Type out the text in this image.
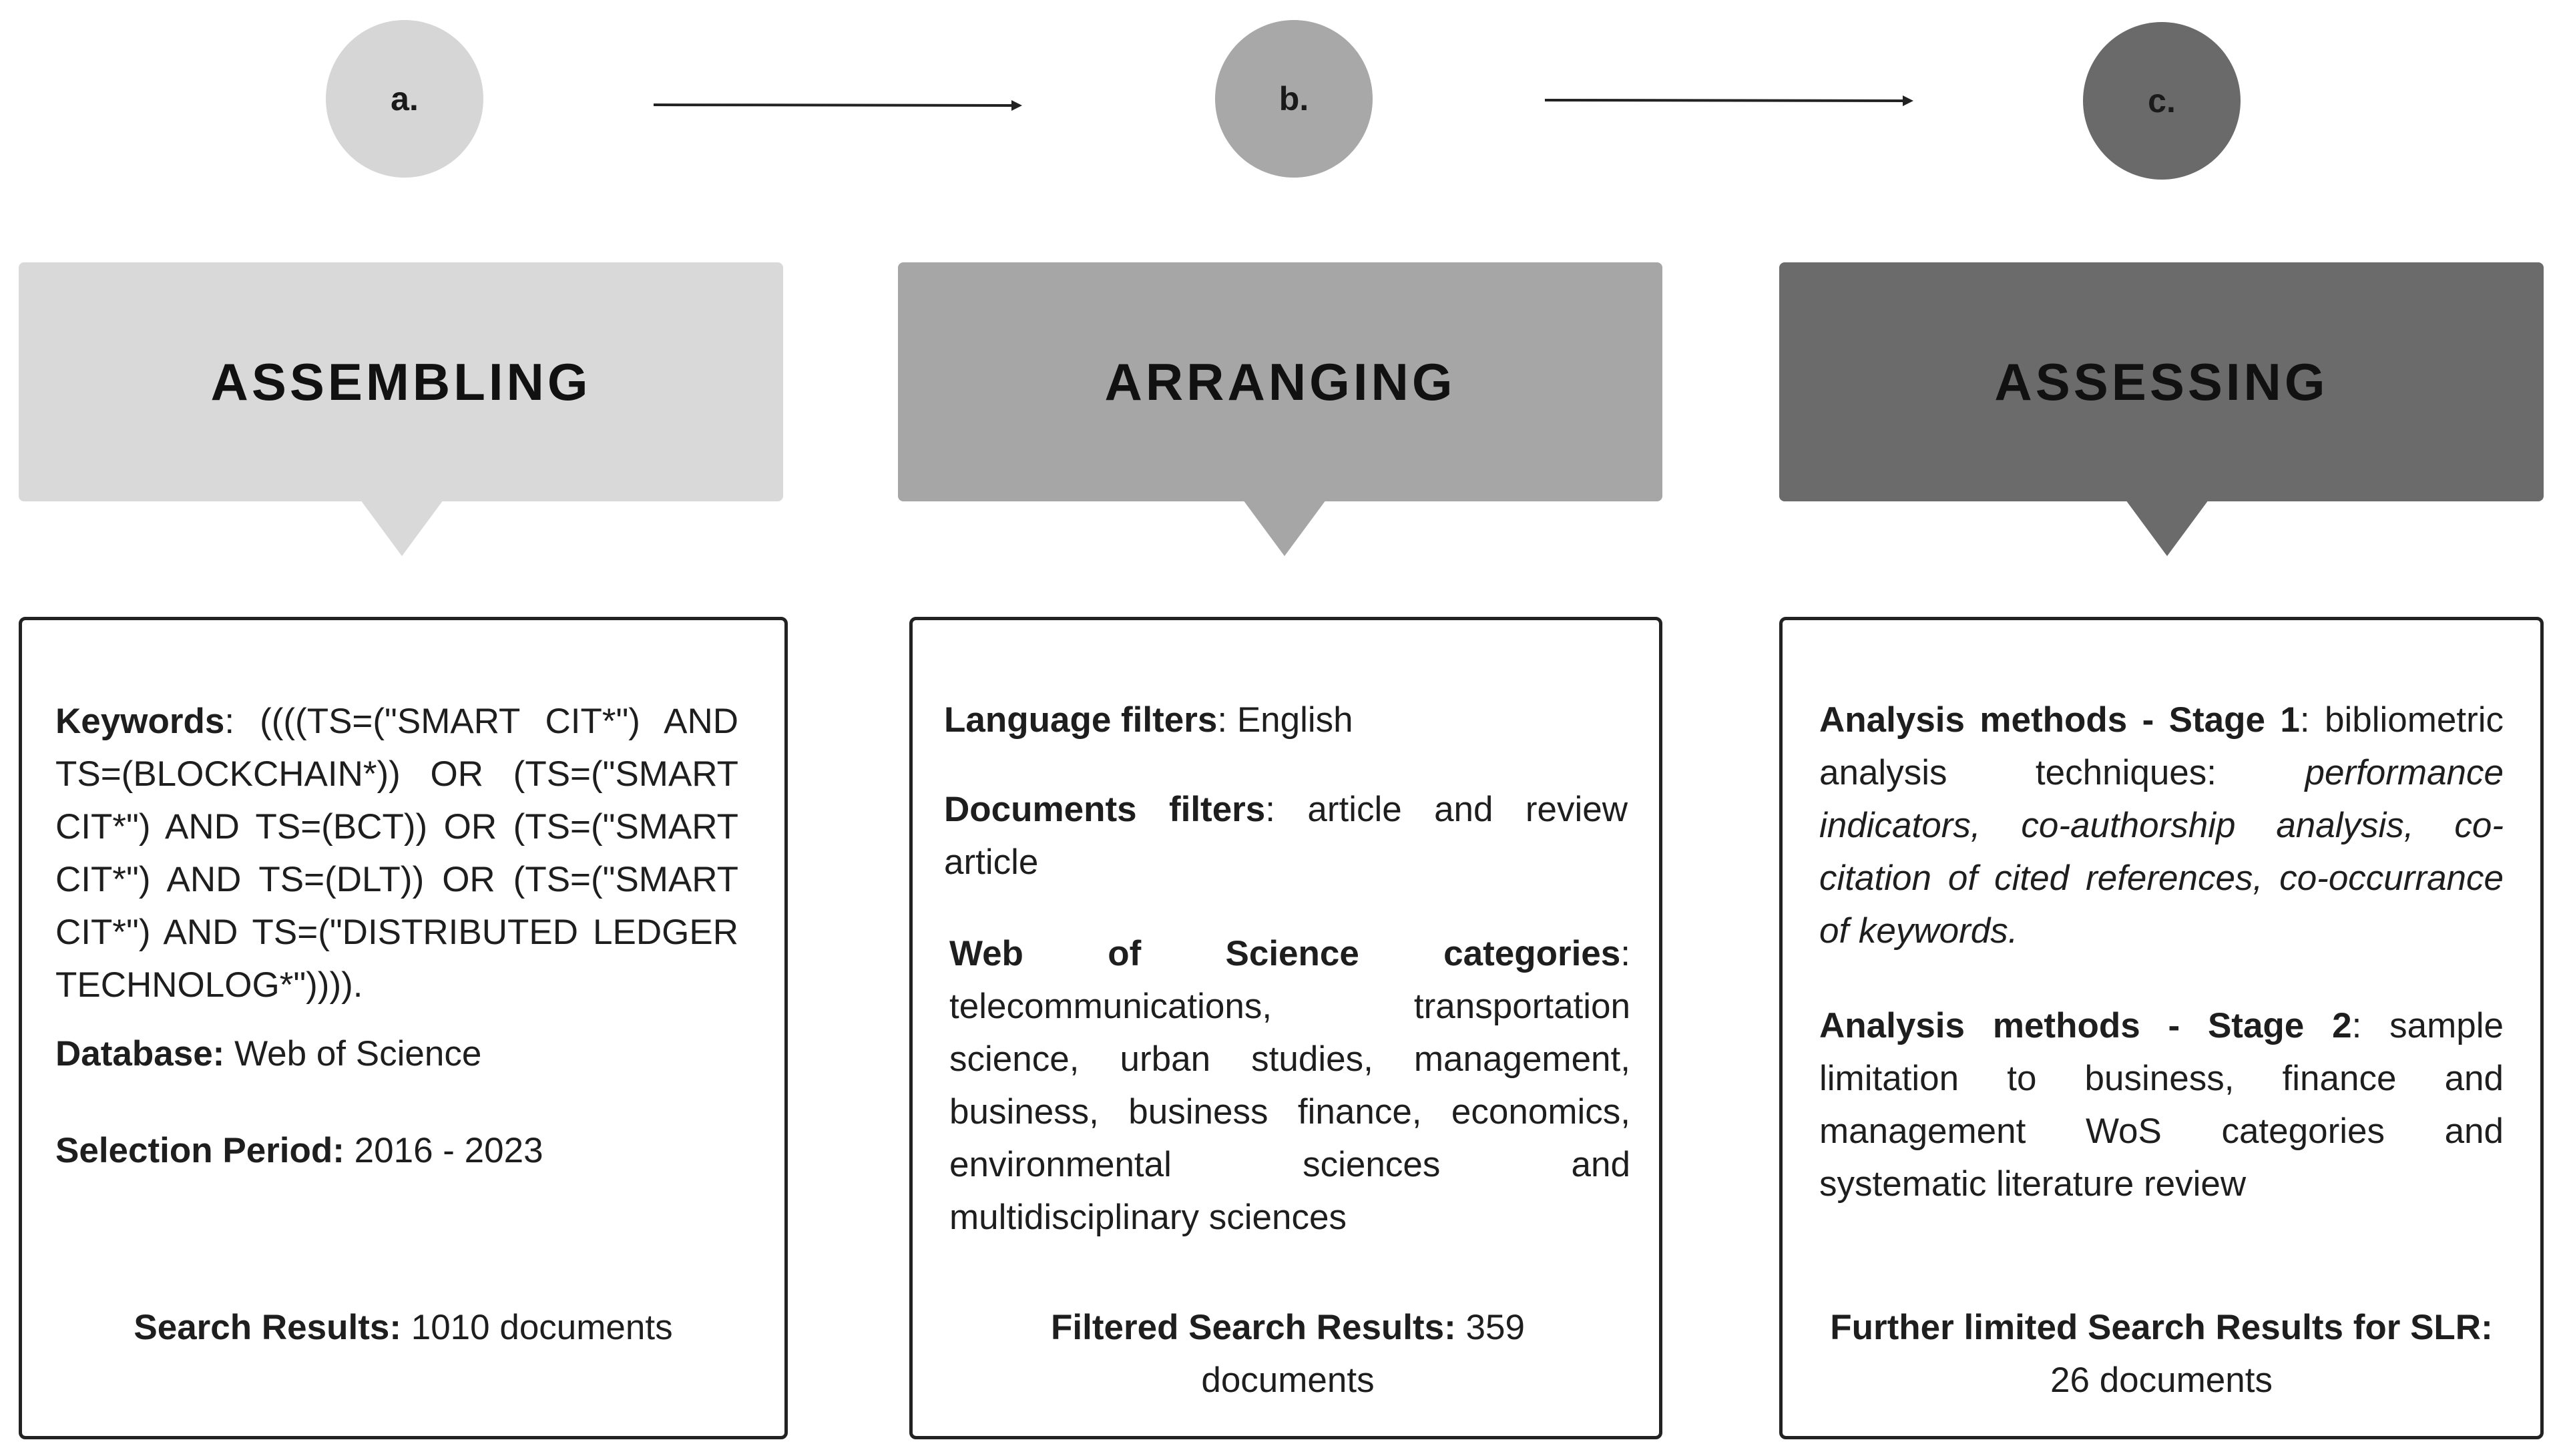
a.	b.	c.
ASSEMBLING	ARRANGING	ASSESSING
Keywords: ((((TS=("SMART CIT*") AND TS=(BLOCKCHAIN*)) OR (TS=("SMART CIT*") AND TS=(BCT)) OR (TS=("SMART CIT*") AND TS=(DLT)) OR (TS=("SMART CIT*") AND TS=("DISTRIBUTED LEDGER TECHNOLOG*")))).
Database: Web of Science
Selection Period: 2016 - 2023
Search Results: 1010 documents
Language filters: English
Documents filters: article and review article
Web of Science categories: telecommunications, transportation science, urban studies, management, business, business finance, economics, environmental sciences and multidisciplinary sciences
Filtered Search Results: 359 documents
Analysis methods - Stage 1: bibliometric analysis techniques: performance indicators, co-authorship analysis, co-citation of cited references, co-occurrance of keywords.
Analysis methods - Stage 2: sample limitation to business, finance and management WoS categories and systematic literature review
Further limited Search Results for SLR:
26 documents
